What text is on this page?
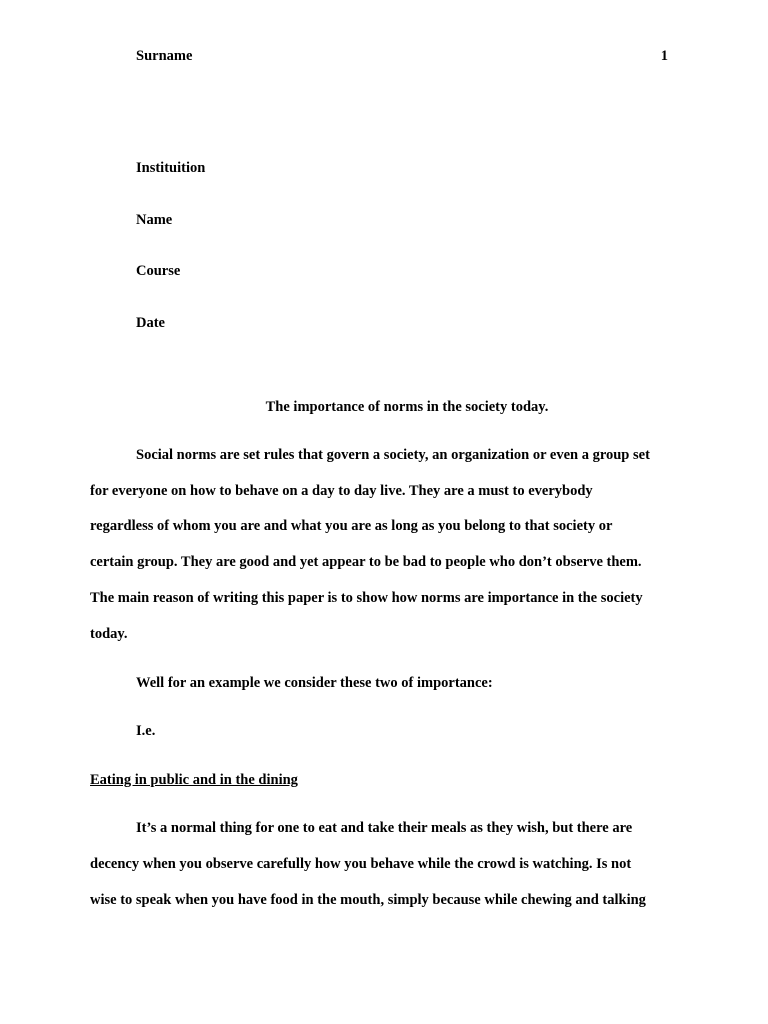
Surname	1
Instituition
Name
Course
Date
The importance of norms in the society today.
Social norms are set rules that govern a society, an organization or even a group set
for everyone on how to behave on a day to day live. They are a must to everybody
regardless of whom you are and what you are as long as you belong to that society or
certain group. They are good and yet appear to be bad to people who don’t observe them.
The main reason of writing this paper is to show how norms are importance in the society
today.
Well for an example we consider these two of importance:
I.e.
Eating in public and in the dining
It’s a normal thing for one to eat and take their meals as they wish, but there are
decency when you observe carefully how you behave while the crowd is watching. Is not
wise to speak when you have food in the mouth, simply because while chewing and talking
